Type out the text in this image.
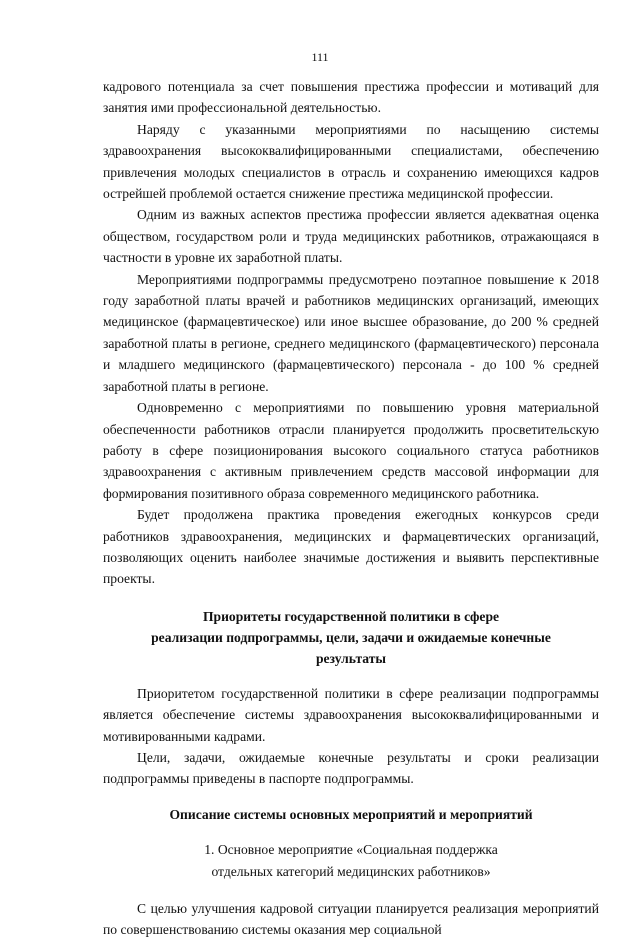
111

кадрового потенциала за счет повышения престижа профессии и мотиваций для занятия ими профессиональной деятельностью.

Наряду с указанными мероприятиями по насыщению системы здравоохранения высококвалифицированными специалистами, обеспечению привлечения молодых специалистов в отрасль и сохранению имеющихся кадров острейшей проблемой остается снижение престижа медицинской профессии.

Одним из важных аспектов престижа профессии является адекватная оценка обществом, государством роли и труда медицинских работников, отражающаяся в частности в уровне их заработной платы.

Мероприятиями подпрограммы предусмотрено поэтапное повышение к 2018 году заработной платы врачей и работников медицинских организаций, имеющих медицинское (фармацевтическое) или иное высшее образование, до 200 % средней заработной платы в регионе, среднего медицинского (фармацевтического) персонала и младшего медицинского (фармацевтического) персонала - до 100 % средней заработной платы в регионе.

Одновременно с мероприятиями по повышению уровня материальной обеспеченности работников отрасли планируется продолжить просветительскую работу в сфере позиционирования высокого социального статуса работников здравоохранения с активным привлечением средств массовой информации для формирования позитивного образа современного медицинского работника.

Будет продолжена практика проведения ежегодных конкурсов среди работников здравоохранения, медицинских и фармацевтических организаций, позволяющих оценить наиболее значимые достижения и выявить перспективные проекты.

Приоритеты государственной политики в сфере
реализации подпрограммы, цели, задачи и ожидаемые конечные
результаты

Приоритетом государственной политики в сфере реализации подпрограммы является обеспечение системы здравоохранения высококвалифицированными и мотивированными кадрами.

Цели, задачи, ожидаемые конечные результаты и сроки реализации подпрограммы приведены в паспорте подпрограммы.

Описание системы основных мероприятий и мероприятий
1. Основное мероприятие «Социальная поддержка
отдельных категорий медицинских работников»

С целью улучшения кадровой ситуации планируется реализация мероприятий по совершенствованию системы оказания мер социальной
